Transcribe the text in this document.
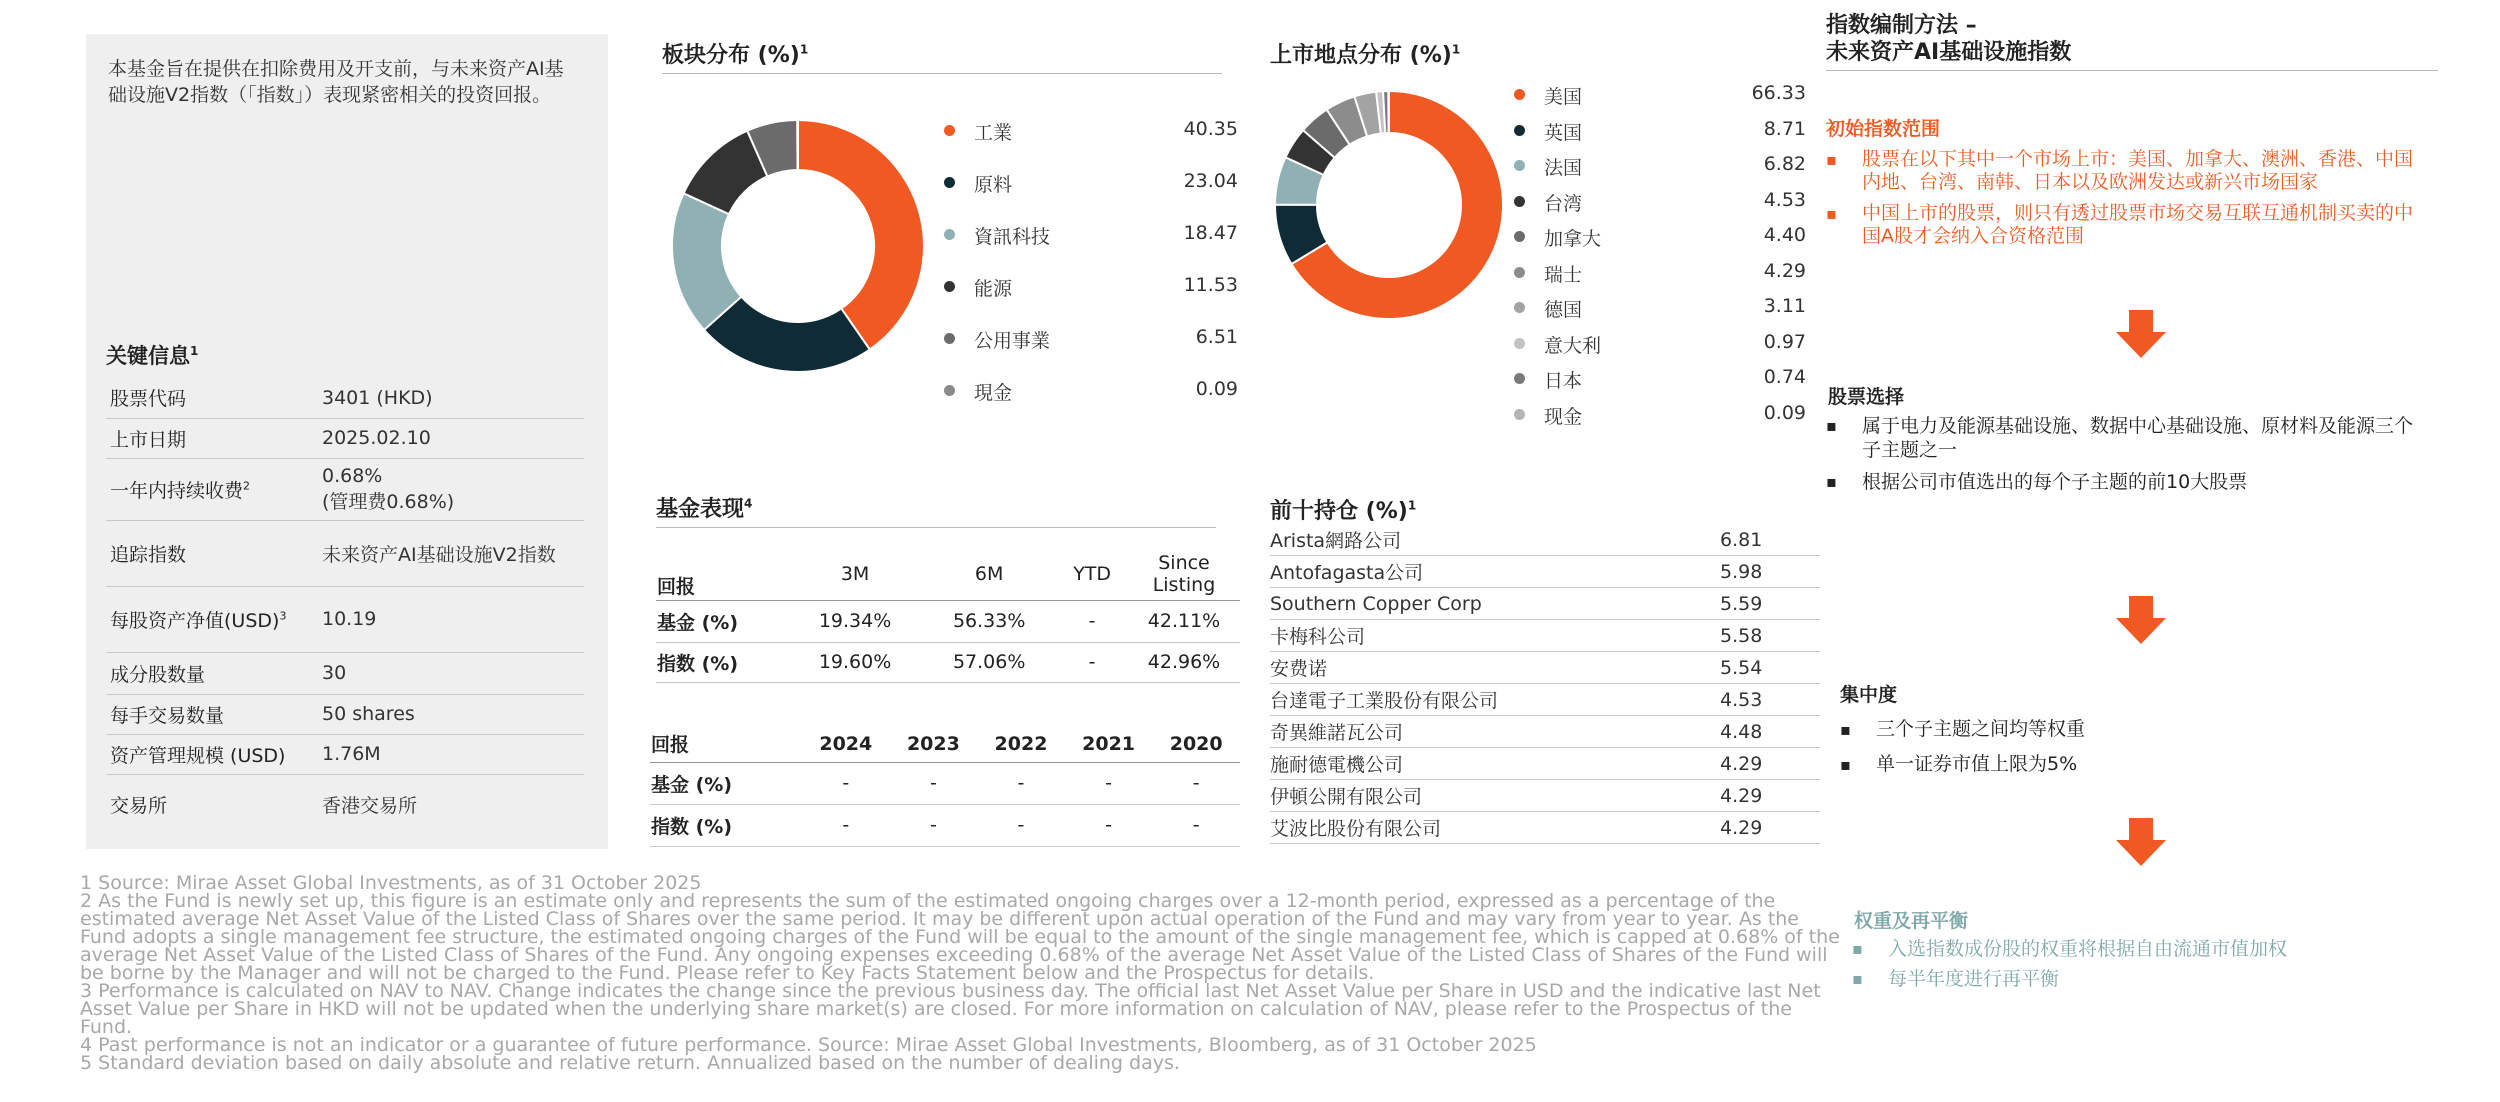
本基金旨在提供在扣除费用及开支前，与未来资产AI基础设施V2指数（「指数」）表现紧密相关的投资回报。
关键信息$^1$
股票代码	3401 (HKD)
上市日期	2025.02.10
一年内持续收费$^2$	0.68%
(管理费0.68%)

追踪指数	未来资产AI基础设施V2指数
每股资产净值(USD)$^3$	10.19
成分股数量	30
每手交易数量	50 shares
资产管理规模 (USD)	1.76M
交易所	香港交易所
板块分布 (%)$^1$
工業	40.35
原料	23.04
資訊科技	18.47
能源	11.53
公用事業	6.51
現金	0.09
上市地点分布 (%)$^1$
美国	66.33
英国	8.71
法国	6.82
台湾	4.53
加拿大	4.40
瑞士	4.29
德国	3.11
意大利	0.97
日本	0.74
现金	0.09
基金表现$^4$
回报	3M	6M	YTD	Since Listing
基金 (%)	19.34%	56.33%	-	42.11%
指数 (%)	19.60%	57.06%	-	42.96%
回报	2024	2023	2022	2021	2020
基金 (%)	-	-	-	-	-
指数 (%)	-	-	-	-	-
前十持仓 (%)$^1$
Arista網路公司	6.81
Antofagasta公司	5.98
Southern Copper Corp	5.59
卡梅科公司	5.58
安费诺	5.54
台達電子工業股份有限公司	4.53
奇異維諾瓦公司	4.48
施耐德電機公司	4.29
伊頓公開有限公司	4.29
艾波比股份有限公司	4.29
指数编制方法 –
未来资产AI基础设施指数
初始指数范围
▪ 股票在以下其中一个市场上市：美国、加拿大、澳洲、香港、中国内地、台湾、南韩、日本以及欧洲发达或新兴市场国家
▪ 中国上市的股票，则只有透过股票市场交易互联互通机制买卖的中国A股才会纳入合资格范围
股票选择
▪ 属于电力及能源基础设施、数据中心基础设施、原材料及能源三个子主题之一
▪ 根据公司市值选出的每个子主题的前10大股票
集中度
▪ 三个子主题之间均等权重
▪ 单一证券市值上限为5%
权重及再平衡
▪ 入选指数成份股的权重将根据自由流通市值加权
▪ 每半年度进行再平衡
1 Source: Mirae Asset Global Investments, as of 31 October 2025
2 As the Fund is newly set up, this figure is an estimate only and represents the sum of the estimated ongoing charges over a 12-month period, expressed as a percentage of the estimated average Net Asset Value of the Listed Class of Shares over the same period. It may be different upon actual operation of the Fund and may vary from year to year. As the Fund adopts a single management fee structure, the estimated ongoing charges of the Fund will be equal to the amount of the single management fee, which is capped at 0.68% of the average Net Asset Value of the Listed Class of Shares of the Fund. Any ongoing expenses exceeding 0.68% of the average Net Asset Value of the Listed Class of Shares of the Fund will be borne by the Manager and will not be charged to the Fund. Please refer to Key Facts Statement below and the Prospectus for details.
3 Performance is calculated on NAV to NAV. Change indicates the change since the previous business day. The official last Net Asset Value per Share in USD and the indicative last Net Asset Value per Share in HKD will not be updated when the underlying share market(s) are closed. For more information on calculation of NAV, please refer to the Prospectus of the Fund.
4 Past performance is not an indicator or a guarantee of future performance. Source: Mirae Asset Global Investments, Bloomberg, as of 31 October 2025
5 Standard deviation based on daily absolute and relative return. Annualized based on the number of dealing days.
